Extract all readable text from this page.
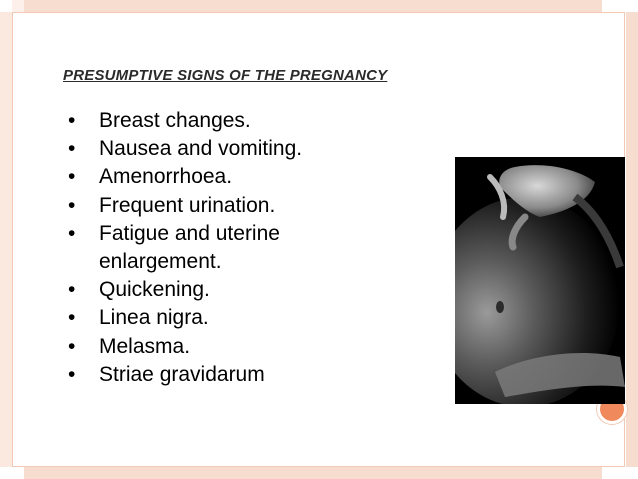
PRESUMPTIVE SIGNS OF THE PREGNANCY
• Breast changes.
• Nausea and vomiting.
• Amenorrhoea.
• Frequent urination.
• Fatigue and uterine
enlargement.
• Quickening.
• Linea nigra.
• Melasma.
• Striae gravidarum
